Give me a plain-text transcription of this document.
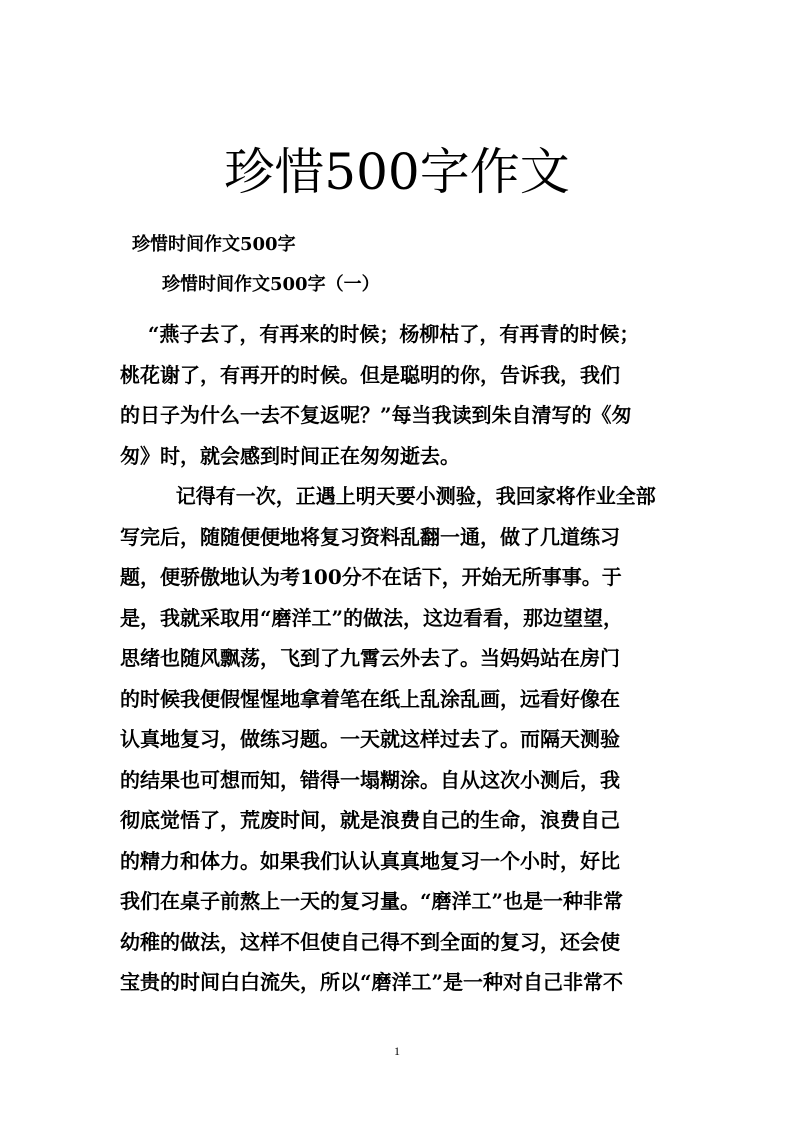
珍惜500字作文

珍惜时间作文500字

珍惜时间作文500字（一）

“燕子去了，有再来的时候；杨柳枯了，有再青的时候；
桃花谢了，有再开的时候。但是聪明的你，告诉我，我们
的日子为什么一去不复返呢？”每当我读到朱自清写的《匆
匆》时，就会感到时间正在匆匆逝去。

记得有一次，正遇上明天要小测验，我回家将作业全部
写完后，随随便便地将复习资料乱翻一通，做了几道练习
题，便骄傲地认为考100分不在话下，开始无所事事。于
是，我就采取用“磨洋工”的做法，这边看看，那边望望，
思绪也随风飘荡，飞到了九霄云外去了。当妈妈站在房门
的时候我便假惺惺地拿着笔在纸上乱涂乱画，远看好像在
认真地复习，做练习题。一天就这样过去了。而隔天测验
的结果也可想而知，错得一塌糊涂。自从这次小测后，我
彻底觉悟了，荒废时间，就是浪费自己的生命，浪费自己
的精力和体力。如果我们认认真真地复习一个小时，好比
我们在桌子前熬上一天的复习量。“磨洋工”也是一种非常
幼稚的做法，这样不但使自己得不到全面的复习，还会使
宝贵的时间白白流失，所以“磨洋工”是一种对自己非常不

1
